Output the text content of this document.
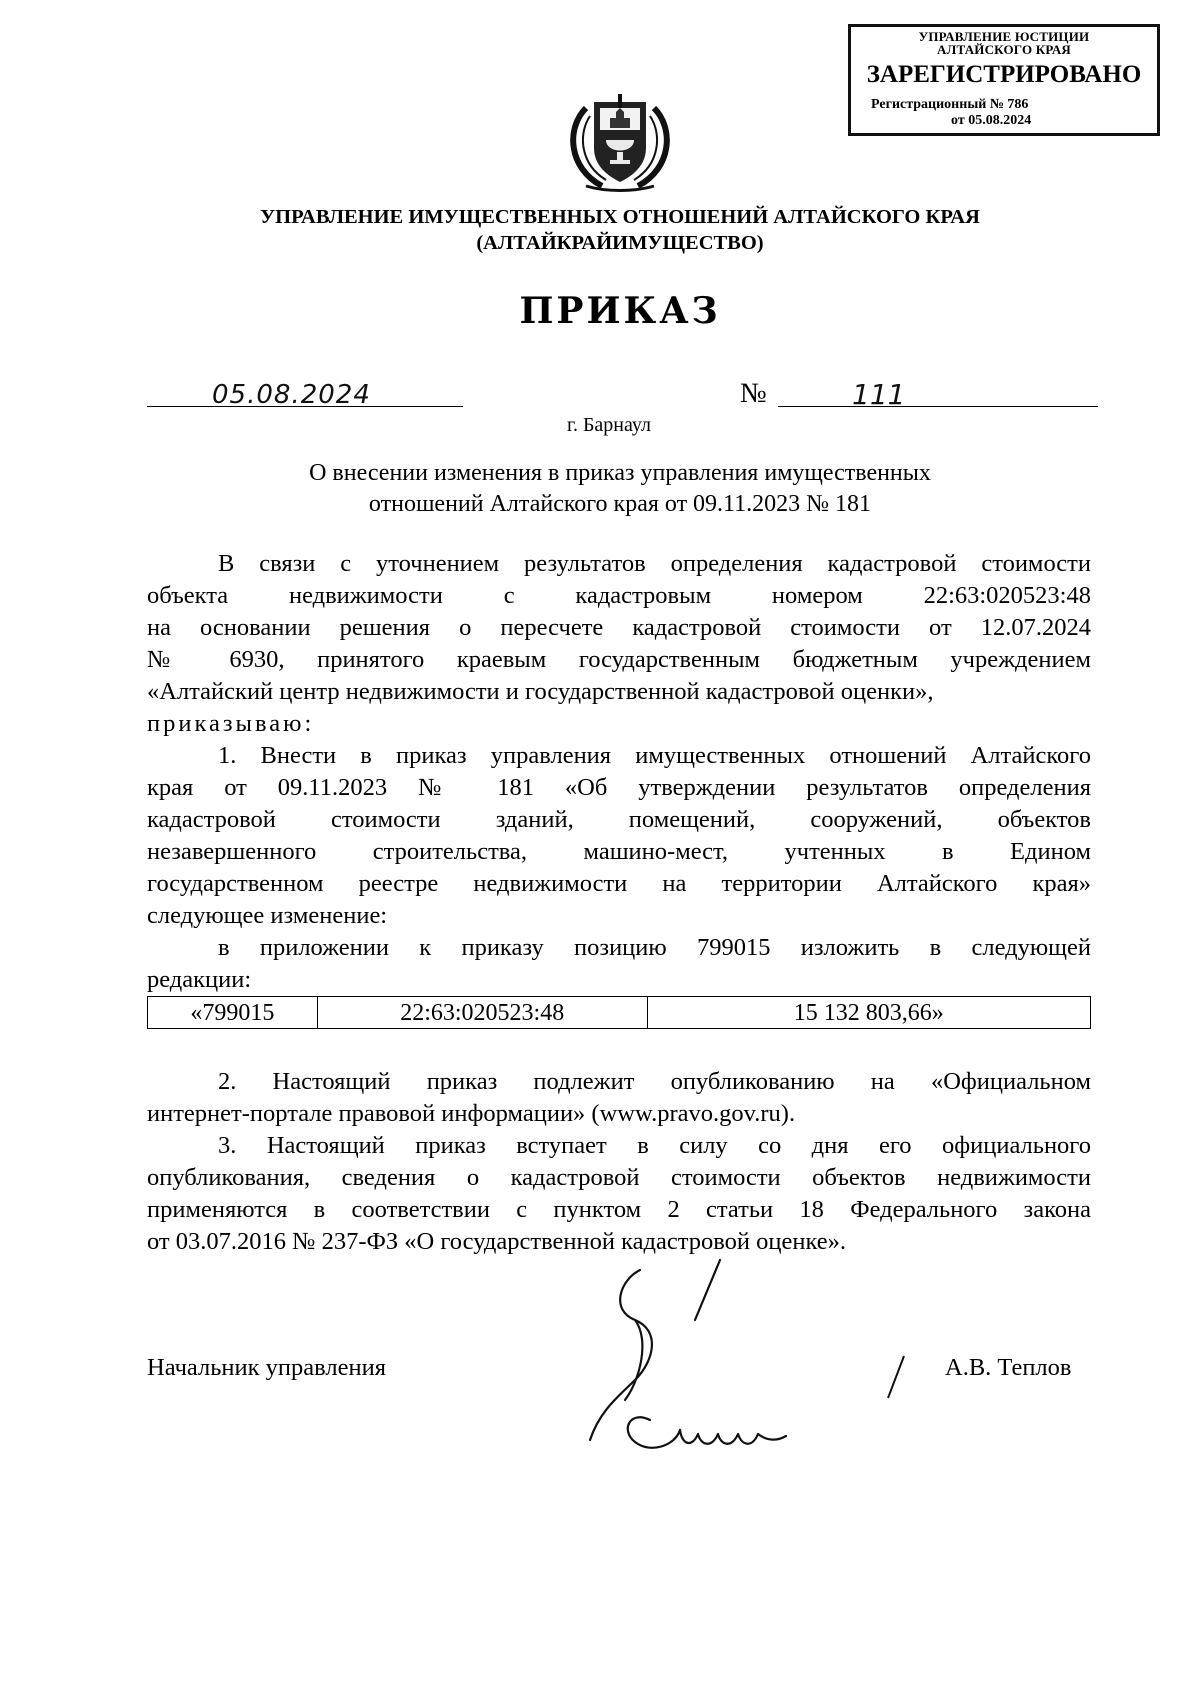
УПРАВЛЕНИЕ ЮСТИЦИИ
АЛТАЙСКОГО КРАЯ
ЗАРЕГИСТРИРОВАНО
Регистрационный № 786
от 05.08.2024
УПРАВЛЕНИЕ ИМУЩЕСТВЕННЫХ ОТНОШЕНИЙ АЛТАЙСКОГО КРАЯ
(АЛТАЙКРАЙИМУЩЕСТВО)
ПРИКАЗ
05.08.2024	№	111
г. Барнаул
О внесении изменения в приказ управления имущественных
отношений Алтайского края от 09.11.2023 № 181
В связи с уточнением результатов определения кадастровой стоимости
объекта недвижимости с кадастровым номером 22:63:020523:48
на основании решения о пересчете кадастровой стоимости от 12.07.2024
№ 6930, принятого краевым государственным бюджетным учреждением
«Алтайский центр недвижимости и государственной кадастровой оценки»,
приказываю:
1. Внести в приказ управления имущественных отношений Алтайского
края от 09.11.2023 № 181 «Об утверждении результатов определения
кадастровой стоимости зданий, помещений, сооружений, объектов
незавершенного строительства, машино-мест, учтенных в Едином
государственном реестре недвижимости на территории Алтайского края»
следующее изменение:
в приложении к приказу позицию 799015 изложить в следующей
редакции:
«799015	22:63:020523:48	15 132 803,66»
2. Настоящий приказ подлежит опубликованию на «Официальном
интернет-портале правовой информации» (www.pravo.gov.ru).
3. Настоящий приказ вступает в силу со дня его официального
опубликования, сведения о кадастровой стоимости объектов недвижимости
применяются в соответствии с пунктом 2 статьи 18 Федерального закона
от 03.07.2016 № 237-ФЗ «О государственной кадастровой оценке».
Начальник управления	А.В. Теплов
